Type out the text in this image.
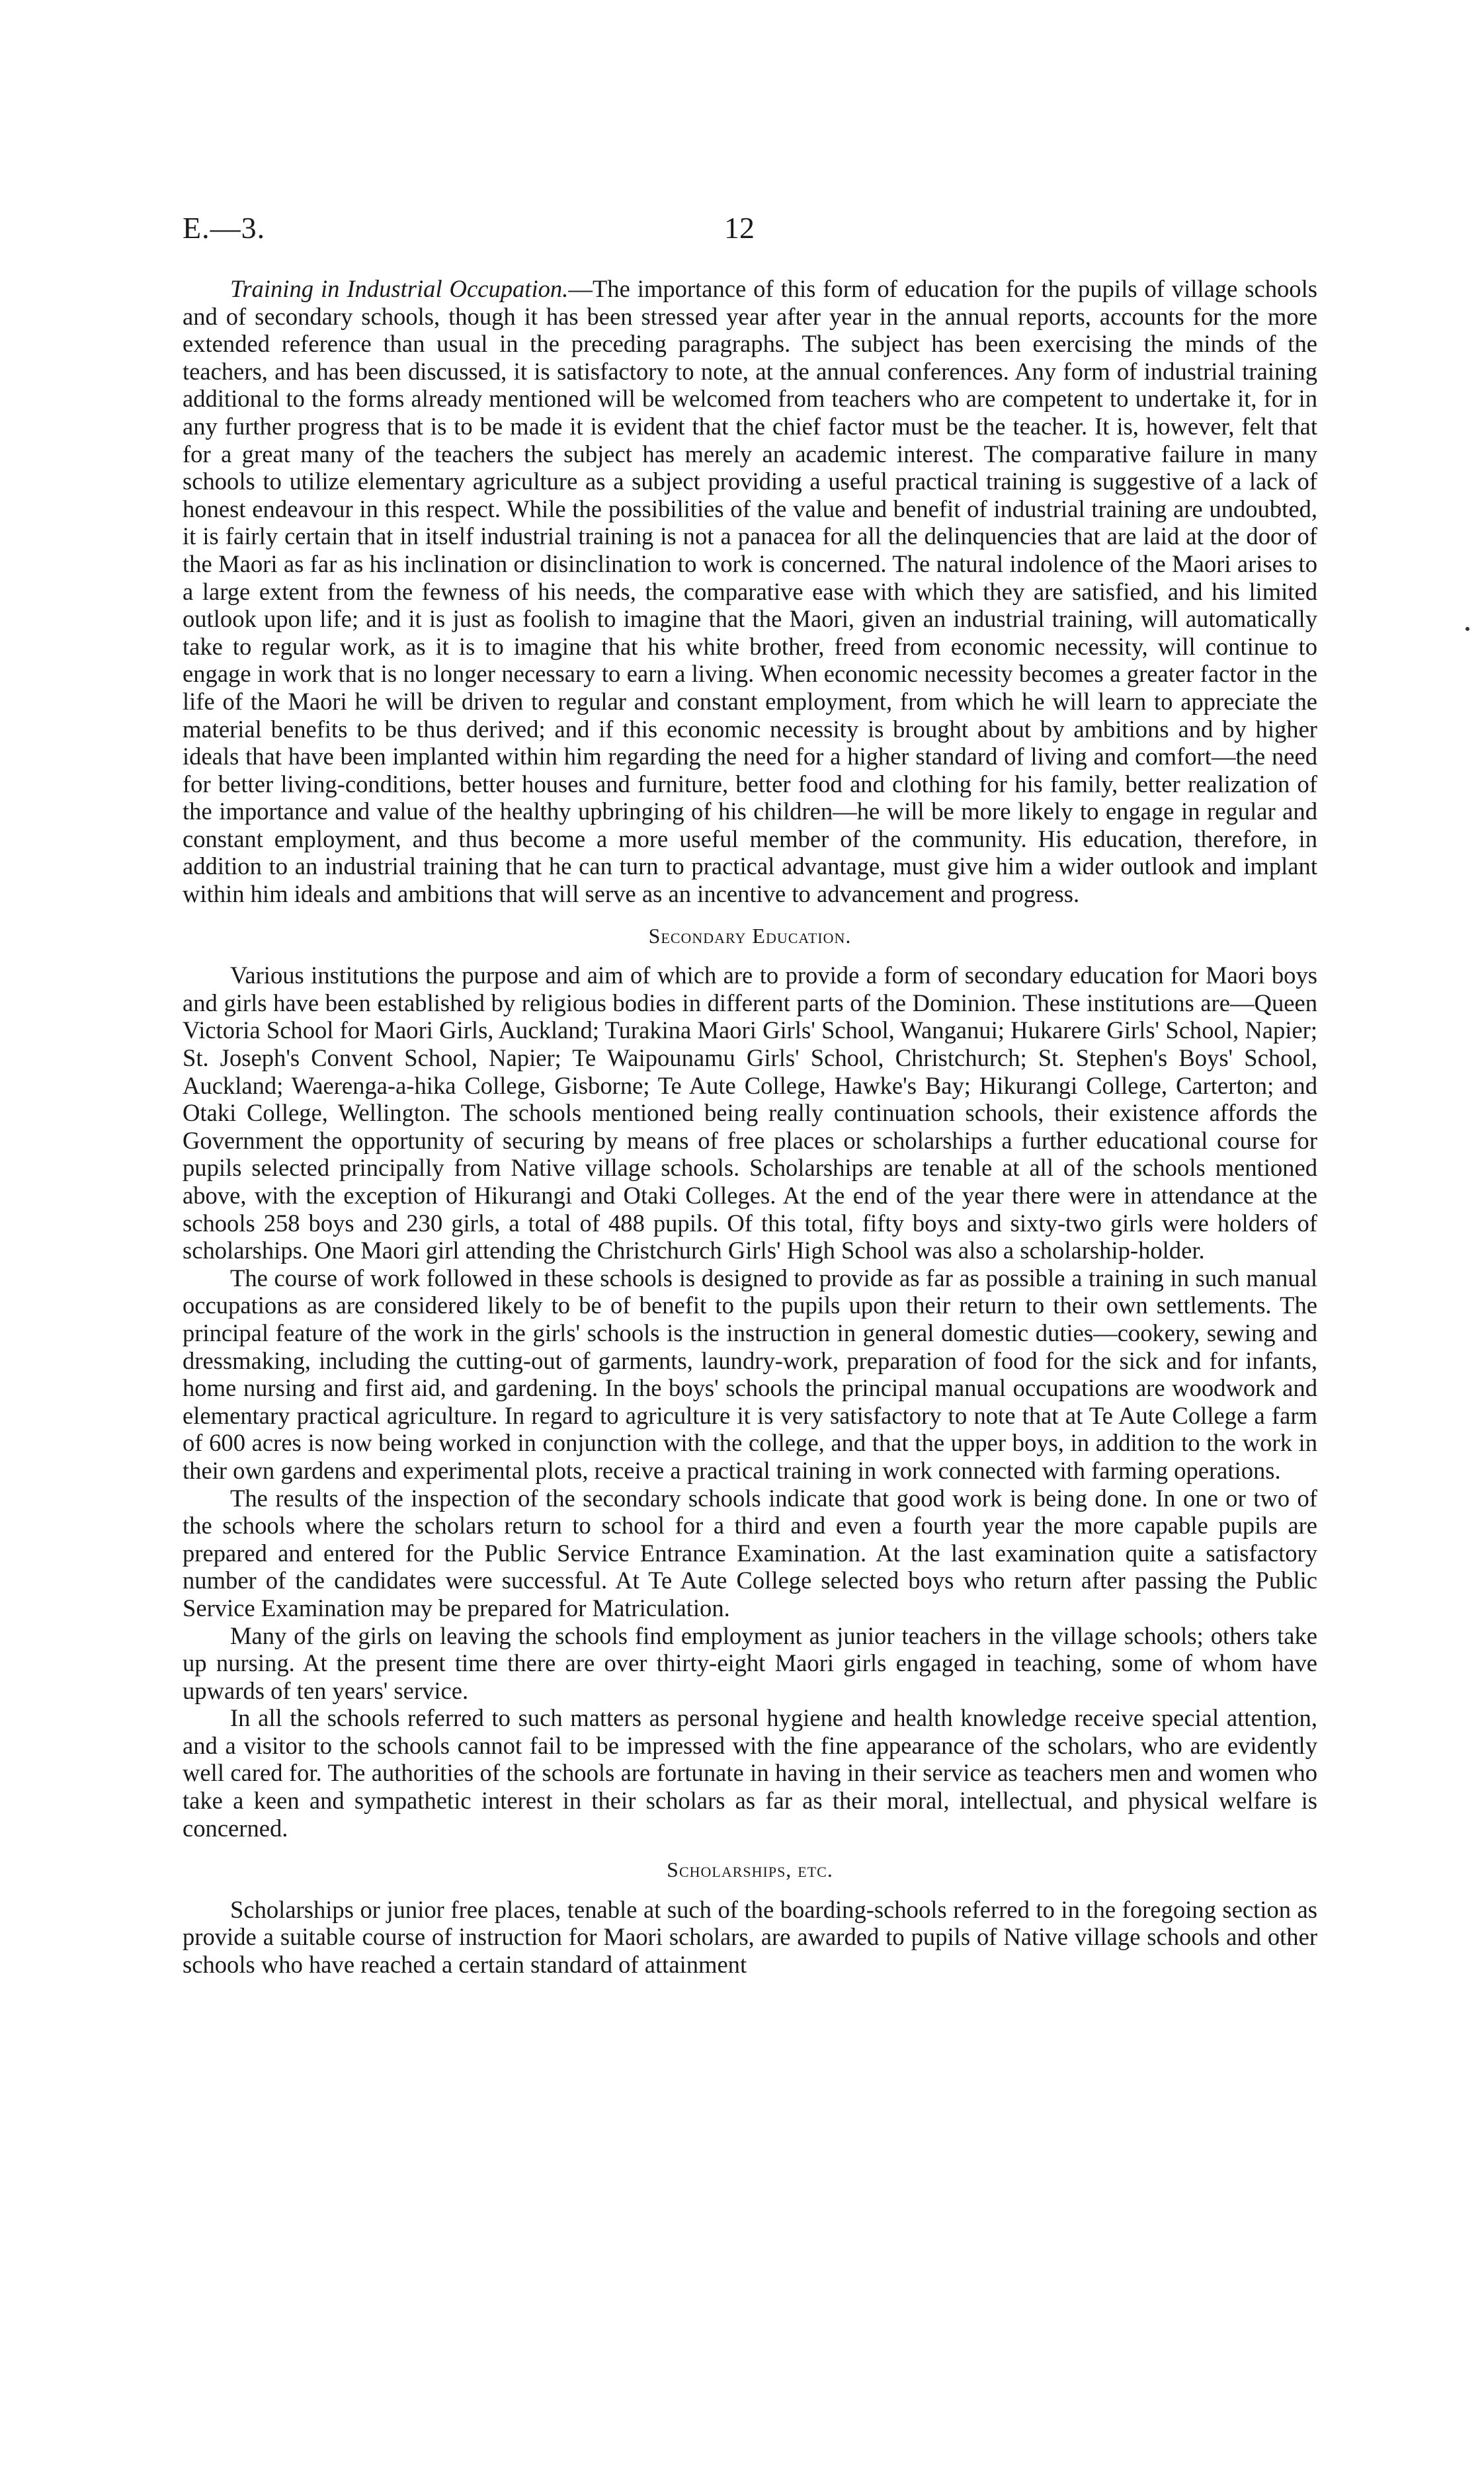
E.—3.	12

Training in Industrial Occupation.—The importance of this form of education for the pupils of village schools and of secondary schools, though it has been stressed year after year in the annual reports, accounts for the more extended reference than usual in the preceding paragraphs. The subject has been exercising the minds of the teachers, and has been discussed, it is satisfactory to note, at the annual conferences. Any form of industrial training additional to the forms already mentioned will be welcomed from teachers who are competent to undertake it, for in any further progress that is to be made it is evident that the chief factor must be the teacher. It is, however, felt that for a great many of the teachers the subject has merely an academic interest. The comparative failure in many schools to utilize elementary agriculture as a subject providing a useful practical training is suggestive of a lack of honest endeavour in this respect. While the possibilities of the value and benefit of industrial training are undoubted, it is fairly certain that in itself industrial training is not a panacea for all the delinquencies that are laid at the door of the Maori as far as his inclination or disinclination to work is concerned. The natural indolence of the Maori arises to a large extent from the fewness of his needs, the comparative ease with which they are satisfied, and his limited outlook upon life; and it is just as foolish to imagine that the Maori, given an industrial training, will automatically take to regular work, as it is to imagine that his white brother, freed from economic necessity, will continue to engage in work that is no longer necessary to earn a living. When economic necessity becomes a greater factor in the life of the Maori he will be driven to regular and constant employment, from which he will learn to appreciate the material benefits to be thus derived; and if this economic necessity is brought about by ambitions and by higher ideals that have been implanted within him regarding the need for a higher standard of living and comfort—the need for better living-conditions, better houses and furniture, better food and clothing for his family, better realization of the importance and value of the healthy upbringing of his children—he will be more likely to engage in regular and constant employment, and thus become a more useful member of the community. His education, therefore, in addition to an industrial training that he can turn to practical advantage, must give him a wider outlook and implant within him ideals and ambitions that will serve as an incentive to advancement and progress.

Secondary Education.

Various institutions the purpose and aim of which are to provide a form of secondary education for Maori boys and girls have been established by religious bodies in different parts of the Dominion. These institutions are—Queen Victoria School for Maori Girls, Auckland; Turakina Maori Girls' School, Wanganui; Hukarere Girls' School, Napier; St. Joseph's Convent School, Napier; Te Waipounamu Girls' School, Christchurch; St. Stephen's Boys' School, Auckland; Waerenga-a-hika College, Gisborne; Te Aute College, Hawke's Bay; Hikurangi College, Carterton; and Otaki College, Wellington. The schools mentioned being really continuation schools, their existence affords the Government the opportunity of securing by means of free places or scholarships a further educational course for pupils selected principally from Native village schools. Scholarships are tenable at all of the schools mentioned above, with the exception of Hikurangi and Otaki Colleges. At the end of the year there were in attendance at the schools 258 boys and 230 girls, a total of 488 pupils. Of this total, fifty boys and sixty-two girls were holders of scholarships. One Maori girl attending the Christchurch Girls' High School was also a scholarship-holder.

The course of work followed in these schools is designed to provide as far as possible a training in such manual occupations as are considered likely to be of benefit to the pupils upon their return to their own settlements. The principal feature of the work in the girls' schools is the instruction in general domestic duties—cookery, sewing and dressmaking, including the cutting-out of garments, laundry-work, preparation of food for the sick and for infants, home nursing and first aid, and gardening. In the boys' schools the principal manual occupations are woodwork and elementary practical agriculture. In regard to agriculture it is very satisfactory to note that at Te Aute College a farm of 600 acres is now being worked in conjunction with the college, and that the upper boys, in addition to the work in their own gardens and experimental plots, receive a practical training in work connected with farming operations.

The results of the inspection of the secondary schools indicate that good work is being done. In one or two of the schools where the scholars return to school for a third and even a fourth year the more capable pupils are prepared and entered for the Public Service Entrance Examination. At the last examination quite a satisfactory number of the candidates were successful. At Te Aute College selected boys who return after passing the Public Service Examination may be prepared for Matriculation.

Many of the girls on leaving the schools find employment as junior teachers in the village schools; others take up nursing. At the present time there are over thirty-eight Maori girls engaged in teaching, some of whom have upwards of ten years' service.

In all the schools referred to such matters as personal hygiene and health knowledge receive special attention, and a visitor to the schools cannot fail to be impressed with the fine appearance of the scholars, who are evidently well cared for. The authorities of the schools are fortunate in having in their service as teachers men and women who take a keen and sympathetic interest in their scholars as far as their moral, intellectual, and physical welfare is concerned.

Scholarships, etc.

Scholarships or junior free places, tenable at such of the boarding-schools referred to in the foregoing section as provide a suitable course of instruction for Maori scholars, are awarded to pupils of Native village schools and other schools who have reached a certain standard of attainment
